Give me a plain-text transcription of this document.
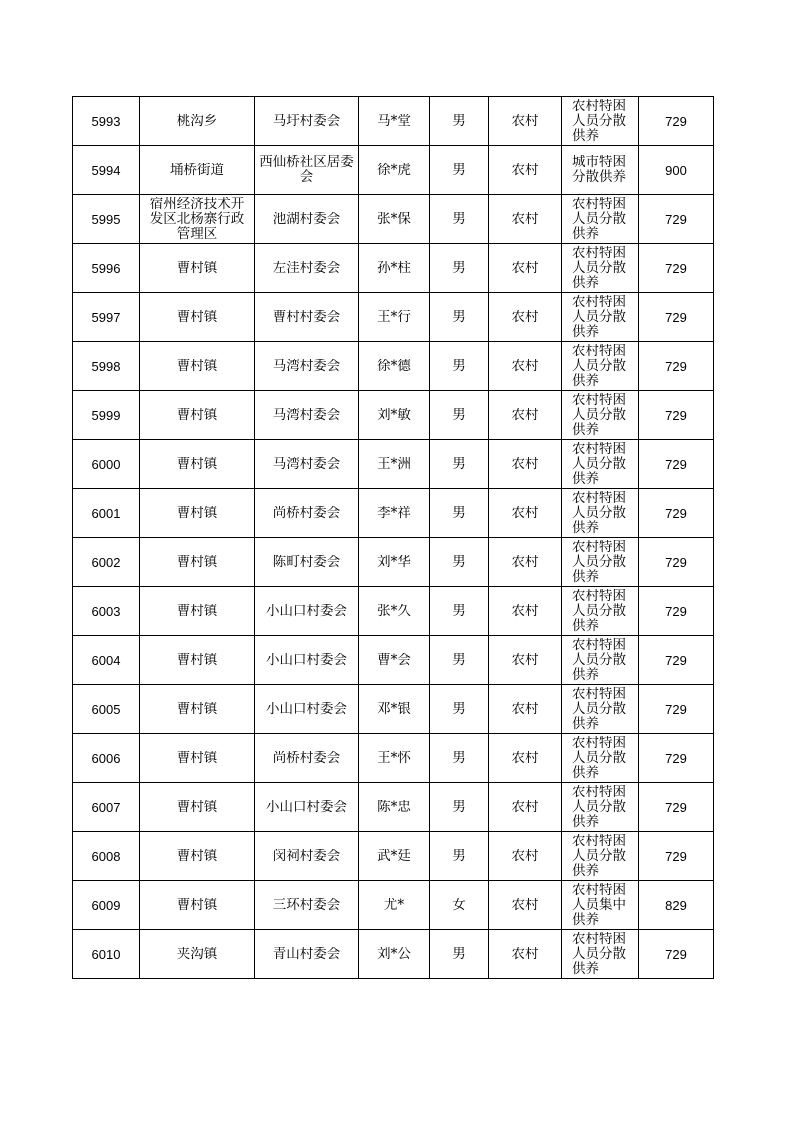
5993	桃沟乡	马圩村委会	马*堂	男	农村	农村特困人员分散供养	729

5994	埇桥街道	西仙桥社区居委会	徐*虎	男	农村	城市特困分散供养	900

5995	宿州经济技术开发区北杨寨行政管理区	池湖村委会	张*保	男	农村	农村特困人员分散供养	729

5996	曹村镇	左洼村委会	孙*柱	男	农村	农村特困人员分散供养	729

5997	曹村镇	曹村村委会	王*行	男	农村	农村特困人员分散供养	729

5998	曹村镇	马湾村委会	徐*德	男	农村	农村特困人员分散供养	729

5999	曹村镇	马湾村委会	刘*敏	男	农村	农村特困人员分散供养	729

6000	曹村镇	马湾村委会	王*洲	男	农村	农村特困人员分散供养	729

6001	曹村镇	尚桥村委会	李*祥	男	农村	农村特困人员分散供养	729

6002	曹村镇	陈町村委会	刘*华	男	农村	农村特困人员分散供养	729

6003	曹村镇	小山口村委会	张*久	男	农村	农村特困人员分散供养	729

6004	曹村镇	小山口村委会	曹*会	男	农村	农村特困人员分散供养	729

6005	曹村镇	小山口村委会	邓*银	男	农村	农村特困人员分散供养	729

6006	曹村镇	尚桥村委会	王*怀	男	农村	农村特困人员分散供养	729

6007	曹村镇	小山口村委会	陈*忠	男	农村	农村特困人员分散供养	729

6008	曹村镇	闵祠村委会	武*廷	男	农村	农村特困人员分散供养	729

6009	曹村镇	三环村委会	尤*	女	农村	农村特困人员集中供养	829

6010	夹沟镇	青山村委会	刘*公	男	农村	农村特困人员分散供养	729
